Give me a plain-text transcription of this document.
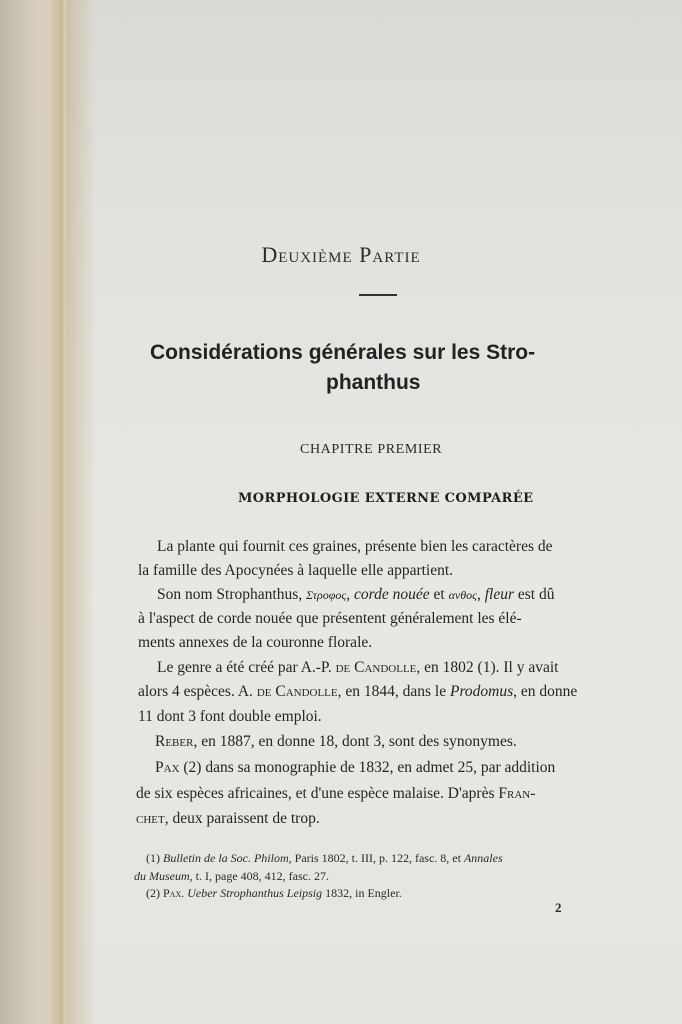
Deuxième Partie
Considérations générales sur les Stro-
phanthus
CHAPITRE PREMIER
MORPHOLOGIE EXTERNE COMPARÉE
La plante qui fournit ces graines, présente bien les caractères de
la famille des Apocynées à laquelle elle appartient.
Son nom Strophanthus, Στροφος, corde nouée et ανθος, fleur est dû
à l'aspect de corde nouée que présentent généralement les élé-
ments annexes de la couronne florale.
Le genre a été créé par A.-P. de Candolle, en 1802 (1). Il y avait
alors 4 espèces. A. de Candolle, en 1844, dans le Prodomus, en donne
11 dont 3 font double emploi.
Reber, en 1887, en donne 18, dont 3, sont des synonymes.
Pax (2) dans sa monographie de 1832, en admet 25, par addition
de six espèces africaines, et d'une espèce malaise. D'après Fran-
chet, deux paraissent de trop.
(1) Bulletin de la Soc. Philom, Paris 1802, t. III, p. 122, fasc. 8, et Annales
du Museum, t. I, page 408, 412, fasc. 27.
(2) Pax. Ueber Strophanthus Leipsig 1832, in Engler.
2
